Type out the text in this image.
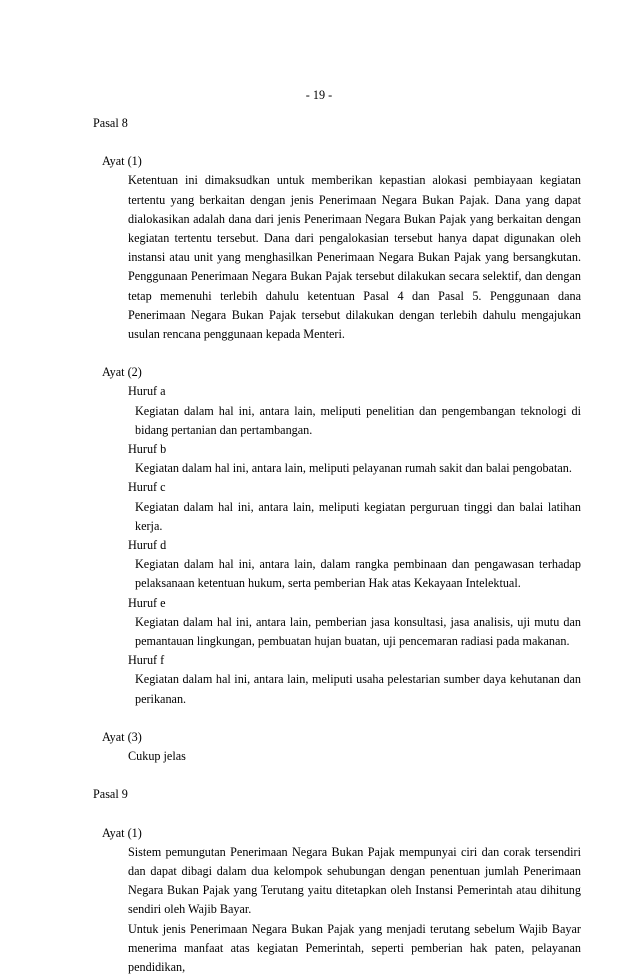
- 19 -
Pasal 8
Ayat (1)

Ketentuan ini dimaksudkan untuk memberikan kepastian alokasi pembiayaan kegiatan tertentu yang berkaitan dengan jenis Penerimaan Negara Bukan Pajak. Dana yang dapat dialokasikan adalah dana dari jenis Penerimaan Negara Bukan Pajak yang berkaitan dengan kegiatan tertentu tersebut. Dana dari pengalokasian tersebut hanya dapat digunakan oleh instansi atau unit yang menghasilkan Penerimaan Negara Bukan Pajak yang bersangkutan. Penggunaan Penerimaan Negara Bukan Pajak tersebut dilakukan secara selektif, dan dengan tetap memenuhi terlebih dahulu ketentuan Pasal 4 dan Pasal 5. Penggunaan dana Penerimaan Negara Bukan Pajak tersebut dilakukan dengan terlebih dahulu mengajukan usulan rencana penggunaan kepada Menteri.

Ayat (2)
Huruf a

Kegiatan dalam hal ini, antara lain, meliputi penelitian dan pengembangan teknologi di bidang pertanian dan pertambangan.

Huruf b

Kegiatan dalam hal ini, antara lain, meliputi pelayanan rumah sakit dan balai pengobatan.

Huruf c

Kegiatan dalam hal ini, antara lain, meliputi kegiatan perguruan tinggi dan balai latihan kerja.

Huruf d

Kegiatan dalam hal ini, antara lain, dalam rangka pembinaan dan pengawasan terhadap pelaksanaan ketentuan hukum, serta pemberian Hak atas Kekayaan Intelektual.

Huruf e

Kegiatan dalam hal ini, antara lain, pemberian jasa konsultasi, jasa analisis, uji mutu dan pemantauan lingkungan, pembuatan hujan buatan, uji pencemaran radiasi pada makanan.

Huruf f

Kegiatan dalam hal ini, antara lain, meliputi usaha pelestarian sumber daya kehutanan dan perikanan.

Ayat (3)

Cukup jelas

Pasal 9
Ayat (1)

Sistem pemungutan Penerimaan Negara Bukan Pajak mempunyai ciri dan corak tersendiri dan dapat dibagi dalam dua kelompok sehubungan dengan penentuan jumlah Penerimaan Negara Bukan Pajak yang Terutang yaitu ditetapkan oleh Instansi Pemerintah atau dihitung sendiri oleh Wajib Bayar.

Untuk jenis Penerimaan Negara Bukan Pajak yang menjadi terutang sebelum Wajib Bayar menerima manfaat atas kegiatan Pemerintah, seperti pemberian hak paten, pelayanan pendidikan,
